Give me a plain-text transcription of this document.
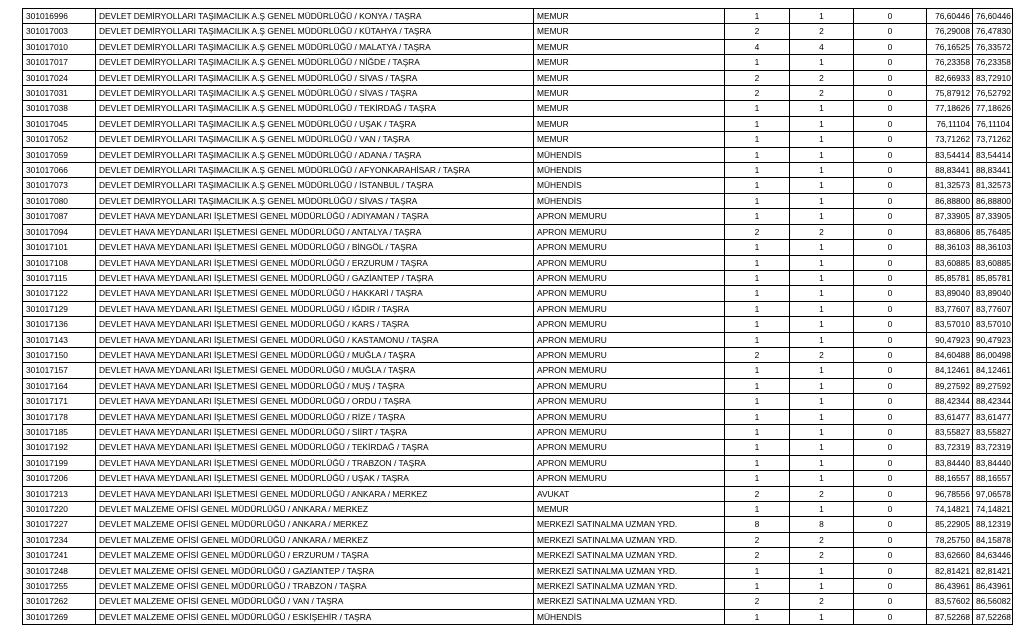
301016996	DEVLET DEMİRYOLLARI TAŞIMACILIK A.Ş GENEL MÜDÜRLÜĞÜ / KONYA / TAŞRA	MEMUR	1	1	0	76,60446	76,60446
301017003	DEVLET DEMİRYOLLARI TAŞIMACILIK A.Ş GENEL MÜDÜRLÜĞÜ / KÜTAHYA / TAŞRA	MEMUR	2	2	0	76,29008	76,47830
301017010	DEVLET DEMİRYOLLARI TAŞIMACILIK A.Ş GENEL MÜDÜRLÜĞÜ / MALATYA / TAŞRA	MEMUR	4	4	0	76,16525	76,33572
301017017	DEVLET DEMİRYOLLARI TAŞIMACILIK A.Ş GENEL MÜDÜRLÜĞÜ / NİĞDE / TAŞRA	MEMUR	1	1	0	76,23358	76,23358
301017024	DEVLET DEMİRYOLLARI TAŞIMACILIK A.Ş GENEL MÜDÜRLÜĞÜ / SİVAS / TAŞRA	MEMUR	2	2	0	82,66933	83,72910
301017031	DEVLET DEMİRYOLLARI TAŞIMACILIK A.Ş GENEL MÜDÜRLÜĞÜ / SİVAS / TAŞRA	MEMUR	2	2	0	75,87912	76,52792
301017038	DEVLET DEMİRYOLLARI TAŞIMACILIK A.Ş GENEL MÜDÜRLÜĞÜ / TEKİRDAĞ / TAŞRA	MEMUR	1	1	0	77,18626	77,18626
301017045	DEVLET DEMİRYOLLARI TAŞIMACILIK A.Ş GENEL MÜDÜRLÜĞÜ / UŞAK / TAŞRA	MEMUR	1	1	0	76,11104	76,11104
301017052	DEVLET DEMİRYOLLARI TAŞIMACILIK A.Ş GENEL MÜDÜRLÜĞÜ / VAN / TAŞRA	MEMUR	1	1	0	73,71262	73,71262
301017059	DEVLET DEMİRYOLLARI TAŞIMACILIK A.Ş GENEL MÜDÜRLÜĞÜ / ADANA / TAŞRA	MÜHENDİS	1	1	0	83,54414	83,54414
301017066	DEVLET DEMİRYOLLARI TAŞIMACILIK A.Ş GENEL MÜDÜRLÜĞÜ / AFYONKARAHİSAR / TAŞRA	MÜHENDİS	1	1	0	88,83441	88,83441
301017073	DEVLET DEMİRYOLLARI TAŞIMACILIK A.Ş GENEL MÜDÜRLÜĞÜ / İSTANBUL / TAŞRA	MÜHENDİS	1	1	0	81,32573	81,32573
301017080	DEVLET DEMİRYOLLARI TAŞIMACILIK A.Ş GENEL MÜDÜRLÜĞÜ / SİVAS / TAŞRA	MÜHENDİS	1	1	0	86,88800	86,88800
301017087	DEVLET HAVA MEYDANLARI İŞLETMESİ GENEL MÜDÜRLÜĞÜ / ADIYAMAN / TAŞRA	APRON MEMURU	1	1	0	87,33905	87,33905
301017094	DEVLET HAVA MEYDANLARI İŞLETMESİ GENEL MÜDÜRLÜĞÜ / ANTALYA / TAŞRA	APRON MEMURU	2	2	0	83,86806	85,76485
301017101	DEVLET HAVA MEYDANLARI İŞLETMESİ GENEL MÜDÜRLÜĞÜ / BİNGÖL / TAŞRA	APRON MEMURU	1	1	0	88,36103	88,36103
301017108	DEVLET HAVA MEYDANLARI İŞLETMESİ GENEL MÜDÜRLÜĞÜ / ERZURUM / TAŞRA	APRON MEMURU	1	1	0	83,60885	83,60885
301017115	DEVLET HAVA MEYDANLARI İŞLETMESİ GENEL MÜDÜRLÜĞÜ / GAZİANTEP / TAŞRA	APRON MEMURU	1	1	0	85,85781	85,85781
301017122	DEVLET HAVA MEYDANLARI İŞLETMESİ GENEL MÜDÜRLÜĞÜ / HAKKARİ / TAŞRA	APRON MEMURU	1	1	0	83,89040	83,89040
301017129	DEVLET HAVA MEYDANLARI İŞLETMESİ GENEL MÜDÜRLÜĞÜ / IĞDIR / TAŞRA	APRON MEMURU	1	1	0	83,77607	83,77607
301017136	DEVLET HAVA MEYDANLARI İŞLETMESİ GENEL MÜDÜRLÜĞÜ / KARS / TAŞRA	APRON MEMURU	1	1	0	83,57010	83,57010
301017143	DEVLET HAVA MEYDANLARI İŞLETMESİ GENEL MÜDÜRLÜĞÜ / KASTAMONU / TAŞRA	APRON MEMURU	1	1	0	90,47923	90,47923
301017150	DEVLET HAVA MEYDANLARI İŞLETMESİ GENEL MÜDÜRLÜĞÜ / MUĞLA / TAŞRA	APRON MEMURU	2	2	0	84,60488	86,00498
301017157	DEVLET HAVA MEYDANLARI İŞLETMESİ GENEL MÜDÜRLÜĞÜ / MUĞLA / TAŞRA	APRON MEMURU	1	1	0	84,12461	84,12461
301017164	DEVLET HAVA MEYDANLARI İŞLETMESİ GENEL MÜDÜRLÜĞÜ / MUŞ / TAŞRA	APRON MEMURU	1	1	0	89,27592	89,27592
301017171	DEVLET HAVA MEYDANLARI İŞLETMESİ GENEL MÜDÜRLÜĞÜ / ORDU / TAŞRA	APRON MEMURU	1	1	0	88,42344	88,42344
301017178	DEVLET HAVA MEYDANLARI İŞLETMESİ GENEL MÜDÜRLÜĞÜ / RİZE / TAŞRA	APRON MEMURU	1	1	0	83,61477	83,61477
301017185	DEVLET HAVA MEYDANLARI İŞLETMESİ GENEL MÜDÜRLÜĞÜ / SİİRT / TAŞRA	APRON MEMURU	1	1	0	83,55827	83,55827
301017192	DEVLET HAVA MEYDANLARI İŞLETMESİ GENEL MÜDÜRLÜĞÜ / TEKİRDAĞ / TAŞRA	APRON MEMURU	1	1	0	83,72319	83,72319
301017199	DEVLET HAVA MEYDANLARI İŞLETMESİ GENEL MÜDÜRLÜĞÜ / TRABZON / TAŞRA	APRON MEMURU	1	1	0	83,84440	83,84440
301017206	DEVLET HAVA MEYDANLARI İŞLETMESİ GENEL MÜDÜRLÜĞÜ / UŞAK / TAŞRA	APRON MEMURU	1	1	0	88,16557	88,16557
301017213	DEVLET HAVA MEYDANLARI İŞLETMESİ GENEL MÜDÜRLÜĞÜ / ANKARA / MERKEZ	AVUKAT	2	2	0	96,78556	97,06578
301017220	DEVLET MALZEME OFİSİ GENEL MÜDÜRLÜĞÜ / ANKARA / MERKEZ	MEMUR	1	1	0	74,14821	74,14821
301017227	DEVLET MALZEME OFİSİ GENEL MÜDÜRLÜĞÜ / ANKARA / MERKEZ	MERKEZİ SATINALMA UZMAN YRD.	8	8	0	85,22905	88,12319
301017234	DEVLET MALZEME OFİSİ GENEL MÜDÜRLÜĞÜ / ANKARA / MERKEZ	MERKEZİ SATINALMA UZMAN YRD.	2	2	0	78,25750	84,15878
301017241	DEVLET MALZEME OFİSİ GENEL MÜDÜRLÜĞÜ / ERZURUM / TAŞRA	MERKEZİ SATINALMA UZMAN YRD.	2	2	0	83,62660	84,63446
301017248	DEVLET MALZEME OFİSİ GENEL MÜDÜRLÜĞÜ / GAZİANTEP / TAŞRA	MERKEZİ SATINALMA UZMAN YRD.	1	1	0	82,81421	82,81421
301017255	DEVLET MALZEME OFİSİ GENEL MÜDÜRLÜĞÜ / TRABZON / TAŞRA	MERKEZİ SATINALMA UZMAN YRD.	1	1	0	86,43961	86,43961
301017262	DEVLET MALZEME OFİSİ GENEL MÜDÜRLÜĞÜ / VAN / TAŞRA	MERKEZİ SATINALMA UZMAN YRD.	2	2	0	83,57602	86,56082
301017269	DEVLET MALZEME OFİSİ GENEL MÜDÜRLÜĞÜ / ESKİŞEHİR / TAŞRA	MÜHENDİS	1	1	0	87,52268	87,52268
